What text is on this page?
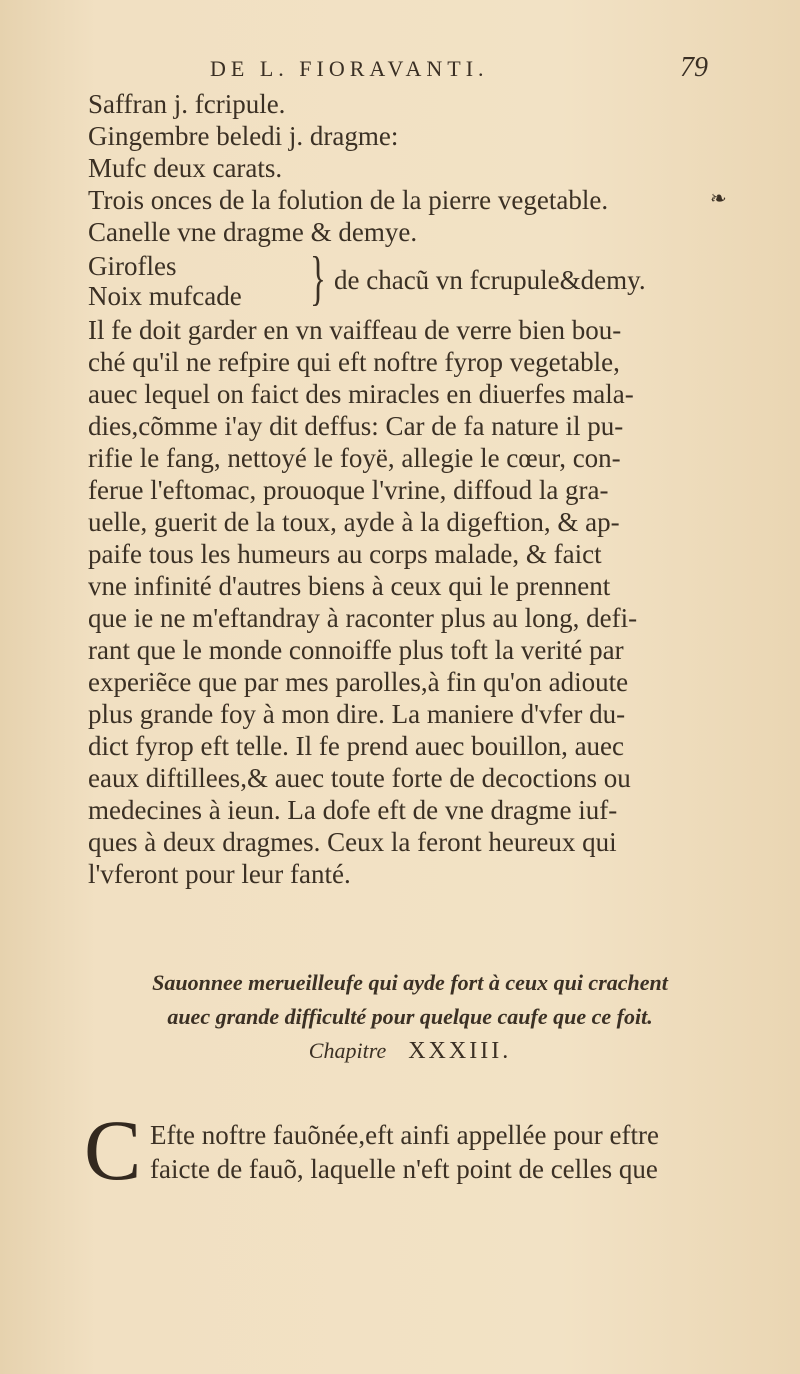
DE L. FIORAVANTI.	79
Saffran j. fcripule.
Gingembre beledi j. dragme:
Mufc deux carats.
Trois onces de la folution de la pierre vegetable.
Canelle vne dragme & demye.
Girofles
Noix mufcade } de chacũ vn fcrupule&demy.
Il fe doit garder en vn vaiffeau de verre bien bou-
ché qu'il ne refpire qui eft noftre fyrop vegetable,
auec lequel on faict des miracles en diuerfes mala-
dies,cõmme i'ay dit deffus: Car de fa nature il pu-
rifie le fang, nettoyé le foyë, allegie le cœur, con-
ferue l'eftomac, prouoque l'vrine, diffoud la gra-
uelle, guerit de la toux, ayde à la digeftion, & ap-
paife tous les humeurs au corps malade, & faict
vne infinité d'autres biens à ceux qui le prennent
que ie ne m'eftandray à raconter plus au long, defi-
rant que le monde connoiffe plus toft la verité par
experiẽce que par mes parolles,à fin qu'on adioute
plus grande foy à mon dire. La maniere d'vfer du-
dict fyrop eft telle. Il fe prend auec bouillon, auec
eaux diftillees,& auec toute forte de decoctions ou
medecines à ieun. La dofe eft de vne dragme iuf-
ques à deux dragmes. Ceux la feront heureux qui
l'vferont pour leur fanté.
❧
Sauonnee merueilleufe qui ayde fort à ceux qui crachent
auec grande difficulté pour quelque caufe que ce foit.
Chapitre XXXIII.
C Efte noftre fauõnée,eft ainfi appellée pour eftre
faicte de fauõ, laquelle n'eft point de celles que
